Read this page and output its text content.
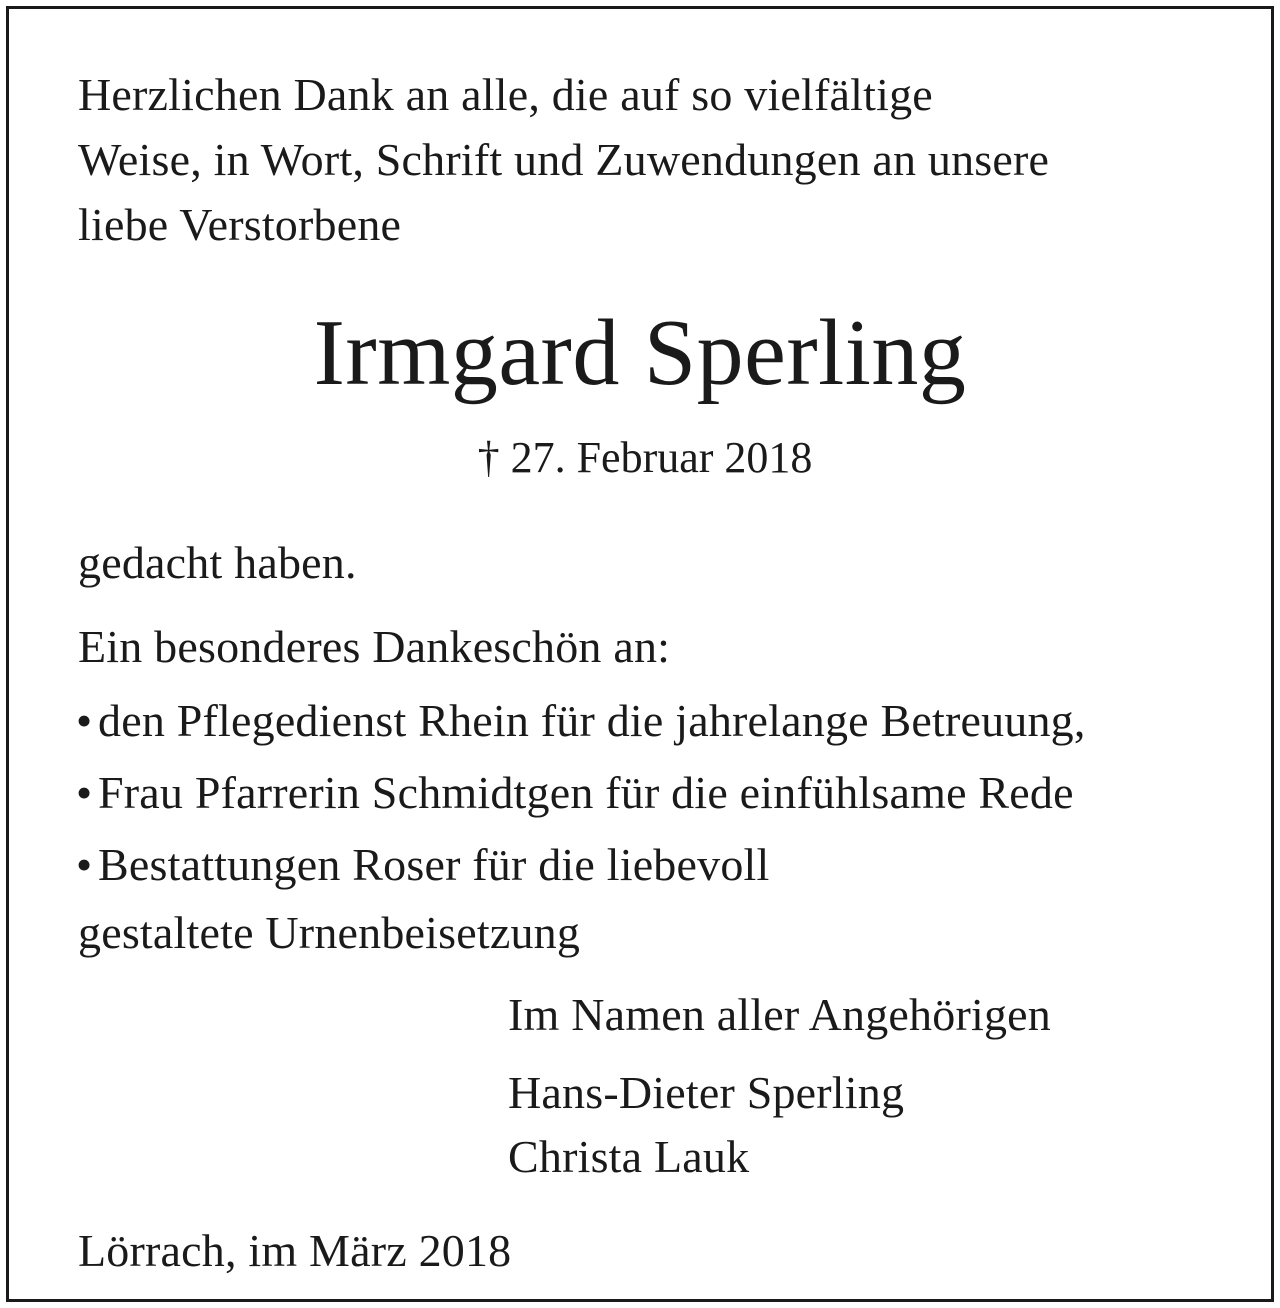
Herzlichen Dank an alle, die auf so vielfältige
Weise, in Wort, Schrift und Zuwendungen an unsere
liebe Verstorbene
Irmgard Sperling
† 27. Februar 2018
gedacht haben.
Ein besonderes Dankeschön an:
• den Pflegedienst Rhein für die jahrelange Betreuung,
• Frau Pfarrerin Schmidtgen für die einfühlsame Rede
• Bestattungen Roser für die liebevoll
gestaltete Urnenbeisetzung
Im Namen aller Angehörigen
Hans-Dieter Sperling
Christa Lauk
Lörrach, im März 2018
